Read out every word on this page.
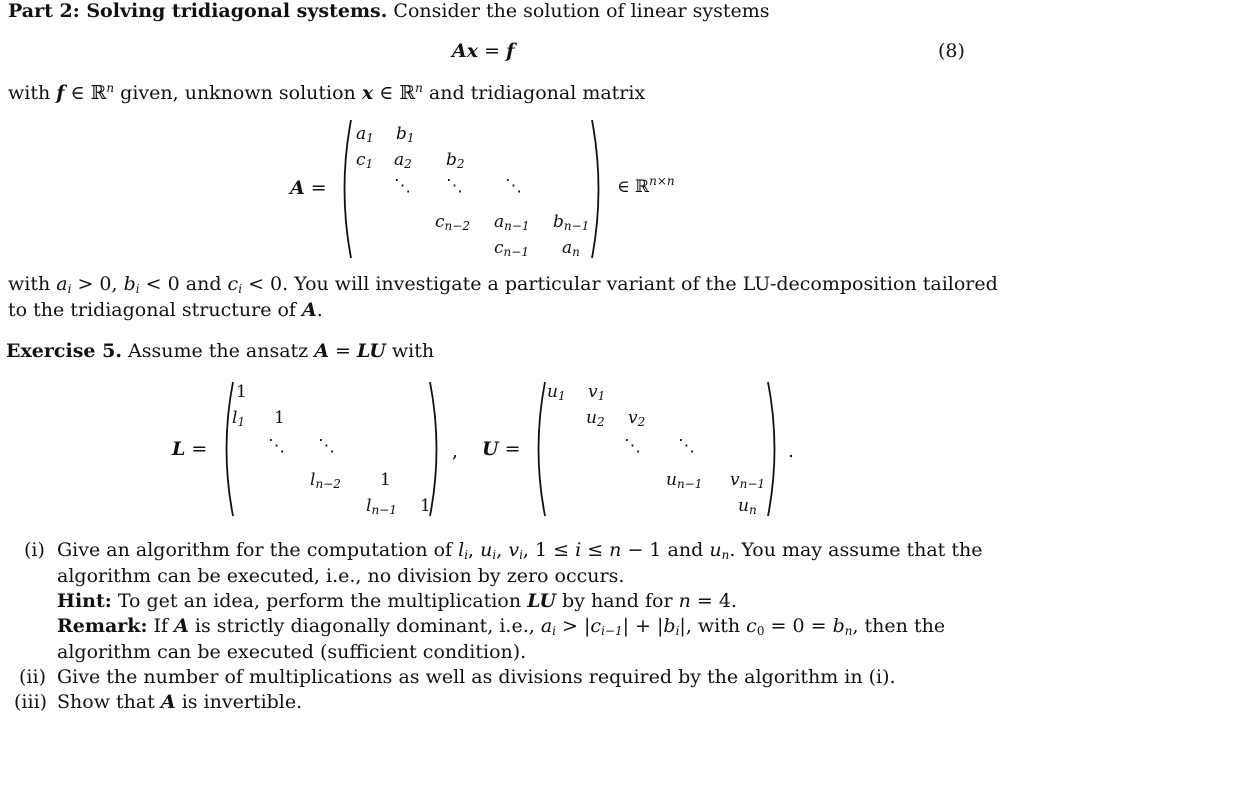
Part 2: Solving tridiagonal systems. Consider the solution of linear systems
Ax = f	(8)
with f ∈ ℝ$^n$ given, unknown solution x ∈ ℝ$^n$ and tridiagonal matrix
A =
$a_1$ $b_1$
$c_1$ $a_2$ $b_2$
⋱ ⋱ ⋱
$c_{n-2}$ $a_{n-1}$ $b_{n-1}$
$c_{n-1}$ $a_n$
∈ ℝ$^{n\times n}$
with $a_i > 0$, $b_i < 0$ and $c_i < 0$. You will investigate a particular variant of the LU-decomposition tailored
to the tridiagonal structure of A.
Exercise 5. Assume the ansatz A = LU with
L =
1
$l_1$ 1
⋱ ⋱
$l_{n-2}$ 1
$l_{n-1}$ 1
, U =
$u_1$ $v_1$
$u_2$ $v_2$
⋱ ⋱
$u_{n-1}$ $v_{n-1}$
$u_n$
.
(i) Give an algorithm for the computation of $l_i$, $u_i$, $v_i$, 1 ≤ i ≤ n − 1 and $u_n$. You may assume that the
algorithm can be executed, i.e., no division by zero occurs.
Hint: To get an idea, perform the multiplication LU by hand for n = 4.
Remark: If A is strictly diagonally dominant, i.e., $a_i > |c_{i-1}| + |b_i|$, with $c_0 = 0 = b_n$, then the
algorithm can be executed (sufficient condition).
(ii) Give the number of multiplications as well as divisions required by the algorithm in (i).
(iii) Show that A is invertible.
